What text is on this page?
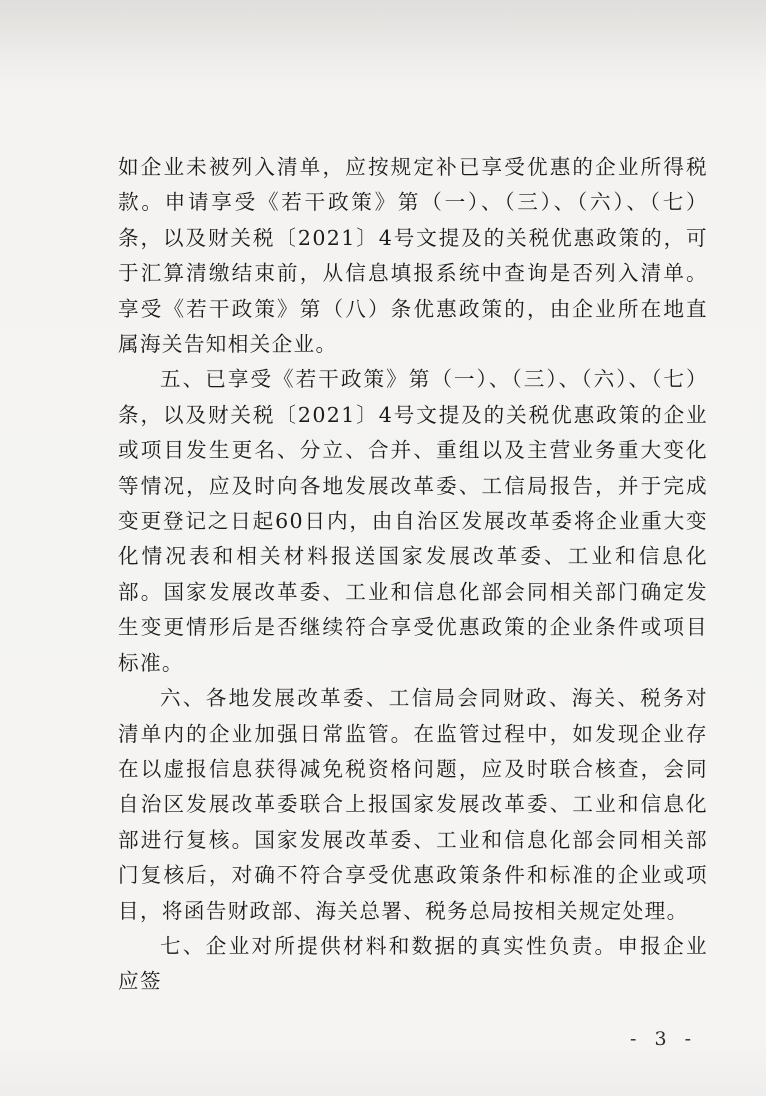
如企业未被列入清单，应按规定补已享受优惠的企业所得税款。申请享受《若干政策》第（一）、（三）、（六）、（七）条，以及财关税〔2021〕4号文提及的关税优惠政策的，可于汇算清缴结束前，从信息填报系统中查询是否列入清单。享受《若干政策》第（八）条优惠政策的，由企业所在地直属海关告知相关企业。

五、已享受《若干政策》第（一）、（三）、（六）、（七）条，以及财关税〔2021〕4号文提及的关税优惠政策的企业或项目发生更名、分立、合并、重组以及主营业务重大变化等情况，应及时向各地发展改革委、工信局报告，并于完成变更登记之日起60日内，由自治区发展改革委将企业重大变化情况表和相关材料报送国家发展改革委、工业和信息化部。国家发展改革委、工业和信息化部会同相关部门确定发生变更情形后是否继续符合享受优惠政策的企业条件或项目标准。

六、各地发展改革委、工信局会同财政、海关、税务对清单内的企业加强日常监管。在监管过程中，如发现企业存在以虚报信息获得减免税资格问题，应及时联合核查，会同自治区发展改革委联合上报国家发展改革委、工业和信息化部进行复核。国家发展改革委、工业和信息化部会同相关部门复核后，对确不符合享受优惠政策条件和标准的企业或项目，将函告财政部、海关总署、税务总局按相关规定处理。

七、企业对所提供材料和数据的真实性负责。申报企业应签

- 3 -
